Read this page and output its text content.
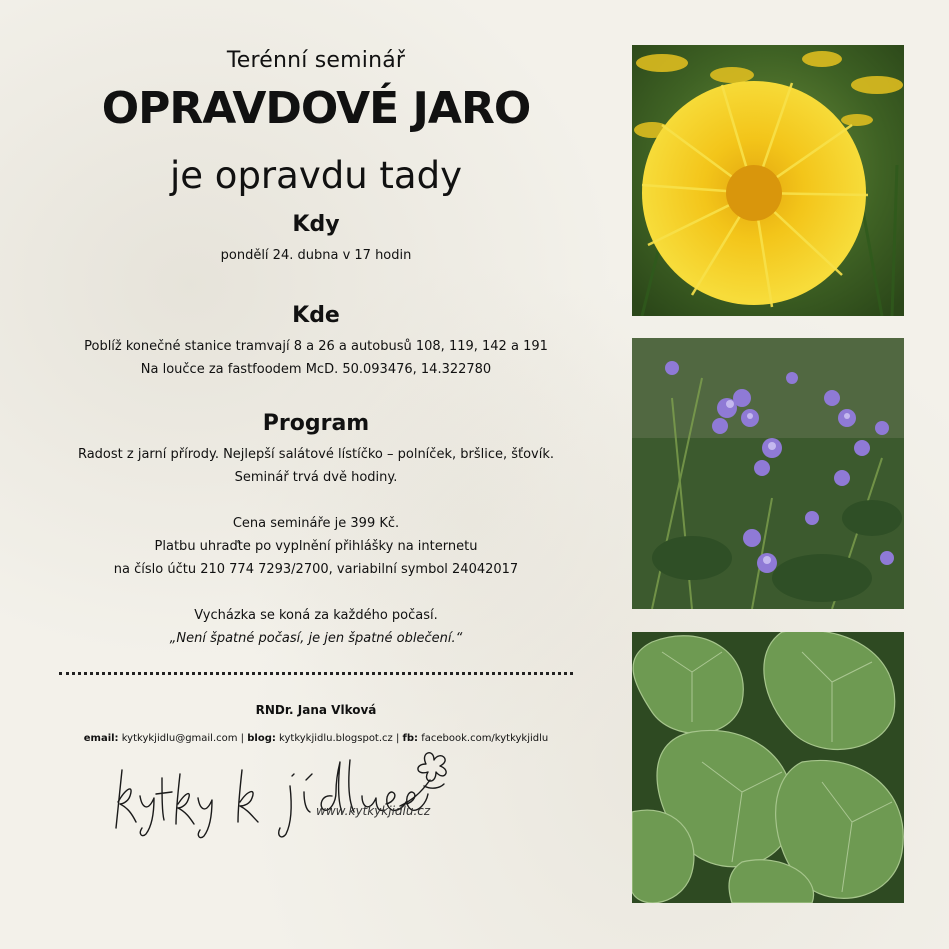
Terénní seminář
OPRAVDOVÉ JARO
je opravdu tady
Kdy
pondělí 24. dubna v 17 hodin
Kde
Poblíž konečné stanice tramvají 8 a 26 a autobusů 108, 119, 142 a 191
Na loučce za fastfoodem McD. 50.093476, 14.322780
Program
Radost z jarní přírody. Nejlepší salátové lístíčko – polníček, bršlice, šťovík.
Seminář trvá dvě hodiny.
Cena semináře je 399 Kč.
Platbu uhraďte po vyplnění přihlášky na internetu
na číslo účtu 210 774 7293/2700, variabilní symbol 24042017
Vycházka se koná za každého počasí.
„Není špatné počasí, je jen špatné oblečení.“
RNDr. Jana Vlková
email: kytkykjidlu@gmail.com | blog: kytkykjidlu.blogspot.cz | fb: facebook.com/kytkykjidlu
www.kytkykjidlu.cz
